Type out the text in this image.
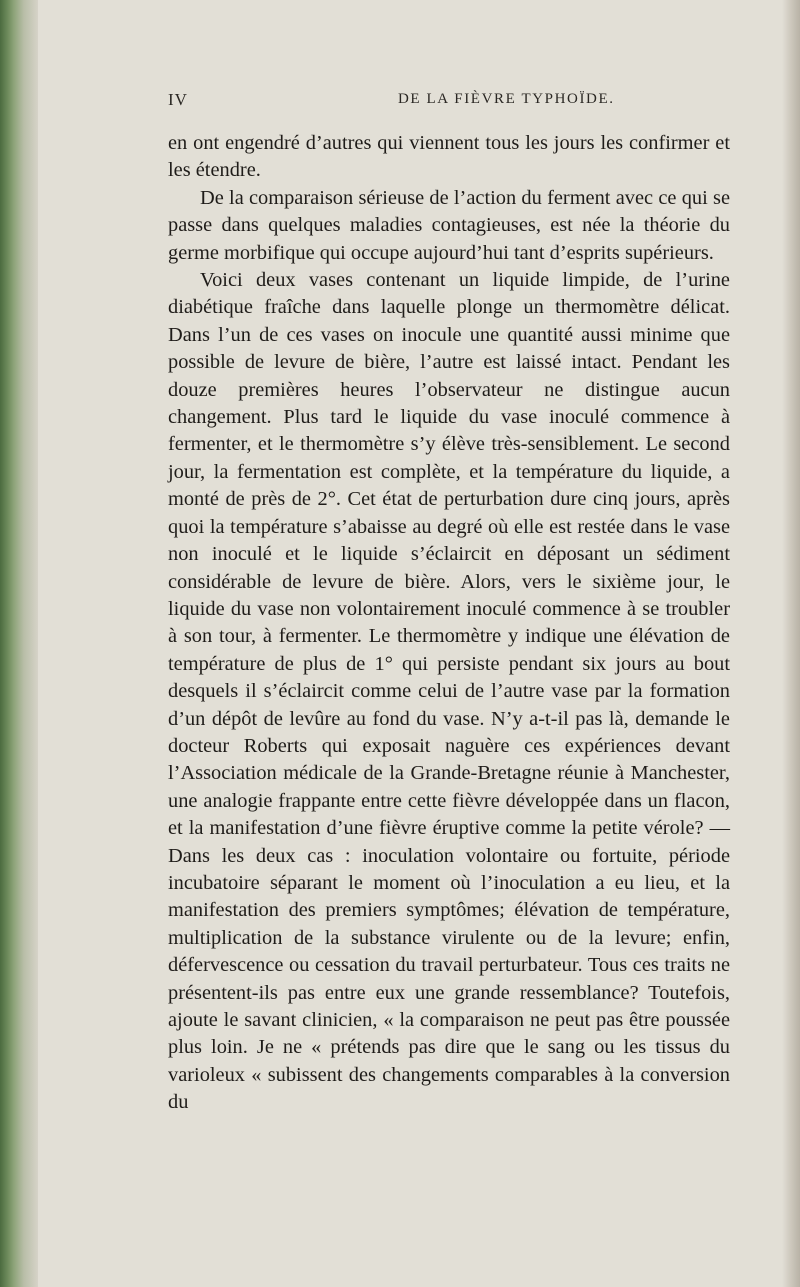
IV	DE LA FIÈVRE TYPHOÏDE.

en ont engendré d’autres qui viennent tous les jours les confirmer et les étendre.

De la comparaison sérieuse de l’action du ferment avec ce qui se passe dans quelques maladies contagieuses, est née la théorie du germe morbifique qui occupe aujourd’hui tant d’esprits supérieurs.

Voici deux vases contenant un liquide limpide, de l’urine diabétique fraîche dans laquelle plonge un thermomètre délicat. Dans l’un de ces vases on inocule une quantité aussi minime que possible de levure de bière, l’autre est laissé intact. Pendant les douze premières heures l’observateur ne distingue aucun changement. Plus tard le liquide du vase inoculé commence à fermenter, et le thermomètre s’y élève très-sensiblement. Le second jour, la fermentation est complète, et la température du liquide, a monté de près de 2°. Cet état de perturbation dure cinq jours, après quoi la température s’abaisse au degré où elle est restée dans le vase non inoculé et le liquide s’éclaircit en déposant un sédiment considérable de levure de bière. Alors, vers le sixième jour, le liquide du vase non volontairement inoculé commence à se troubler à son tour, à fermenter. Le thermomètre y indique une élévation de température de plus de 1° qui persiste pendant six jours au bout desquels il s’éclaircit comme celui de l’autre vase par la formation d’un dépôt de levûre au fond du vase. N’y a-t-il pas là, demande le docteur Roberts qui exposait naguère ces expériences devant l’Association médicale de la Grande-Bretagne réunie à Manchester, une analogie frappante entre cette fièvre développée dans un flacon, et la manifestation d’une fièvre éruptive comme la petite vérole? — Dans les deux cas : inoculation volontaire ou fortuite, période incubatoire séparant le moment où l’inoculation a eu lieu, et la manifestation des premiers symptômes; élévation de température, multiplication de la substance virulente ou de la levure; enfin, défervescence ou cessation du travail perturbateur. Tous ces traits ne présentent-ils pas entre eux une grande ressemblance? Toutefois, ajoute le savant clinicien, « la comparaison ne peut pas être poussée plus loin. Je ne « prétends pas dire que le sang ou les tissus du varioleux « subissent des changements comparables à la conversion du
